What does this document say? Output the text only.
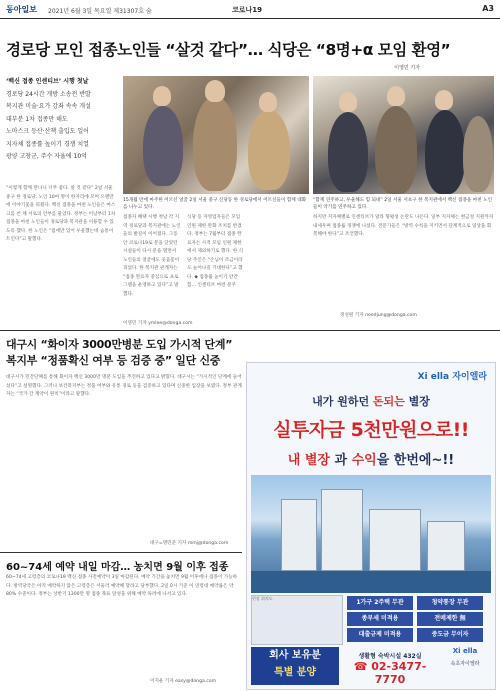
동아일보 2021년 6월 3일 목요일 제31307호 숨	코로나19	A3
경로당 모인 접종노인들 “살것 같다”… 식당은 “8명+α 모임 환영”
이영민 기자
‘백신 접종 인센티브’ 시행 첫날
경로당 24시간 개방 소송전 반발
복지관 미술·요가 강좌 속속 개설
대부분 1차 접종만 해도
노마스크 등산·산책 출입도 일어
지자체 접종률 높이기 경쟁 치열
광양 고창군, 주수 자율에 10억
“이렇게 함께 만나니 너무 좋다. 살 것 같다” 2일 서울 중구 한 경로당. 노인 10여 명이 한자리에 모여 오랜만에 이야기꽃을 피웠다. 백신 접종을 마친 노인들은 마스크를 쓴 채 서로의 안부를 물었다. 정부는 이날부터 1차 접종을 마친 노인들이 경로당과 복지관을 이용할 수 있도록 했다. 한 노인은 “집에만 있어 우울했는데 숨통이 트인다”고 말했다.
15개월 만에 마주한 어르신 얼굴 2일 서울 중구 신당동 한 경로당에서 어르신들이 함께 대화를 나누고 있다.
“함께 연주하고, 우울해도 힘 되네” 2일 서울 서초구 한 복지관에서 백신 접종을 마친 노인들이 악기를 연주하고 있다.
접종자 혜택 시행 첫날 각 지역 경로당과 복지관에는 노인들의 발길이 이어졌다. 그동안 코로나19로 문을 닫았던 시설들이 다시 문을 열면서 노인들의 얼굴에도 웃음꽃이 피었다. 한 복지관 관계자는 “접종 완료자 중심으로 프로그램을 운영하고 있다”고 말했다.
식당 등 자영업자들은 모임 인원 제한 완화 조치를 반겼다. 정부는 7월부터 접종 완료자는 사적 모임 인원 제한에서 제외하기로 했다. 한 식당 주인은 “손님이 조금이라도 늘어나길 기대한다”고 했다. ◆ 접종률 높이기 안간힘… 인센티브 마련 분주
하지만 지자체별로 인센티브가 달라 형평성 논란도 나온다. 일부 지자체는 현금성 지원까지 내세우며 접종률 경쟁에 나섰다. 전문가들은 “방역 수칙을 지키면서 단계적으로 일상을 회복해야 한다”고 조언했다.
이영민 기자 ymlee@donga.com
정성원 기자 needjung@donga.com
대구시 “화이자 3000만병분 도입 가시적 단계”
복지부 “정품확신 여부 등 검증 중” 일단 신중
대구시가 민간단체를 통해 화이자 백신 3000만 명분 도입을 추진하고 있다고 밝혔다. 대구시는 “가시적인 단계에 들어섰다”고 설명했다. 그러나 보건복지부는 정품 여부와 유통 경로 등을 검증하고 있다며 신중한 입장을 보였다. 정부 관계자는 “국가 간 계약이 원칙”이라고 말했다.
대구=명민준 기자 mmj@donga.com
60~74세 예약 내일 마감… 농치면 9월 이후 접종
60~74세 고령층의 코로나19 백신 접종 사전예약이 3일 마감된다. 예약 기간을 놓치면 9월 이후에나 접종이 가능하다. 방역당국은 아직 예약하지 않은 고령층은 서둘러 예약해 달라고 당부했다. 2일 0시 기준 이 연령대 예약률은 약 80% 수준이다. 정부는 상반기 1300만 명 접종 목표 달성을 위해 예약 독려에 나서고 있다.
이지운 기자 easy@donga.com
Xi ella 자이엘라
내가 원하던 돈되는 별장
실투자금 5천만원으로!!
내 별장 과 수익을 한번에~!!
현장 위치도
1가구 2주택 무관	청약통장 무관
종부세 미적용	전매제한 無
대출규제 미적용	중도금 무이자
회사 보유분
특별 분양
생활형 숙박시설 432실
☎ 02-3477-7770
Xi ella
속초자이엘라
